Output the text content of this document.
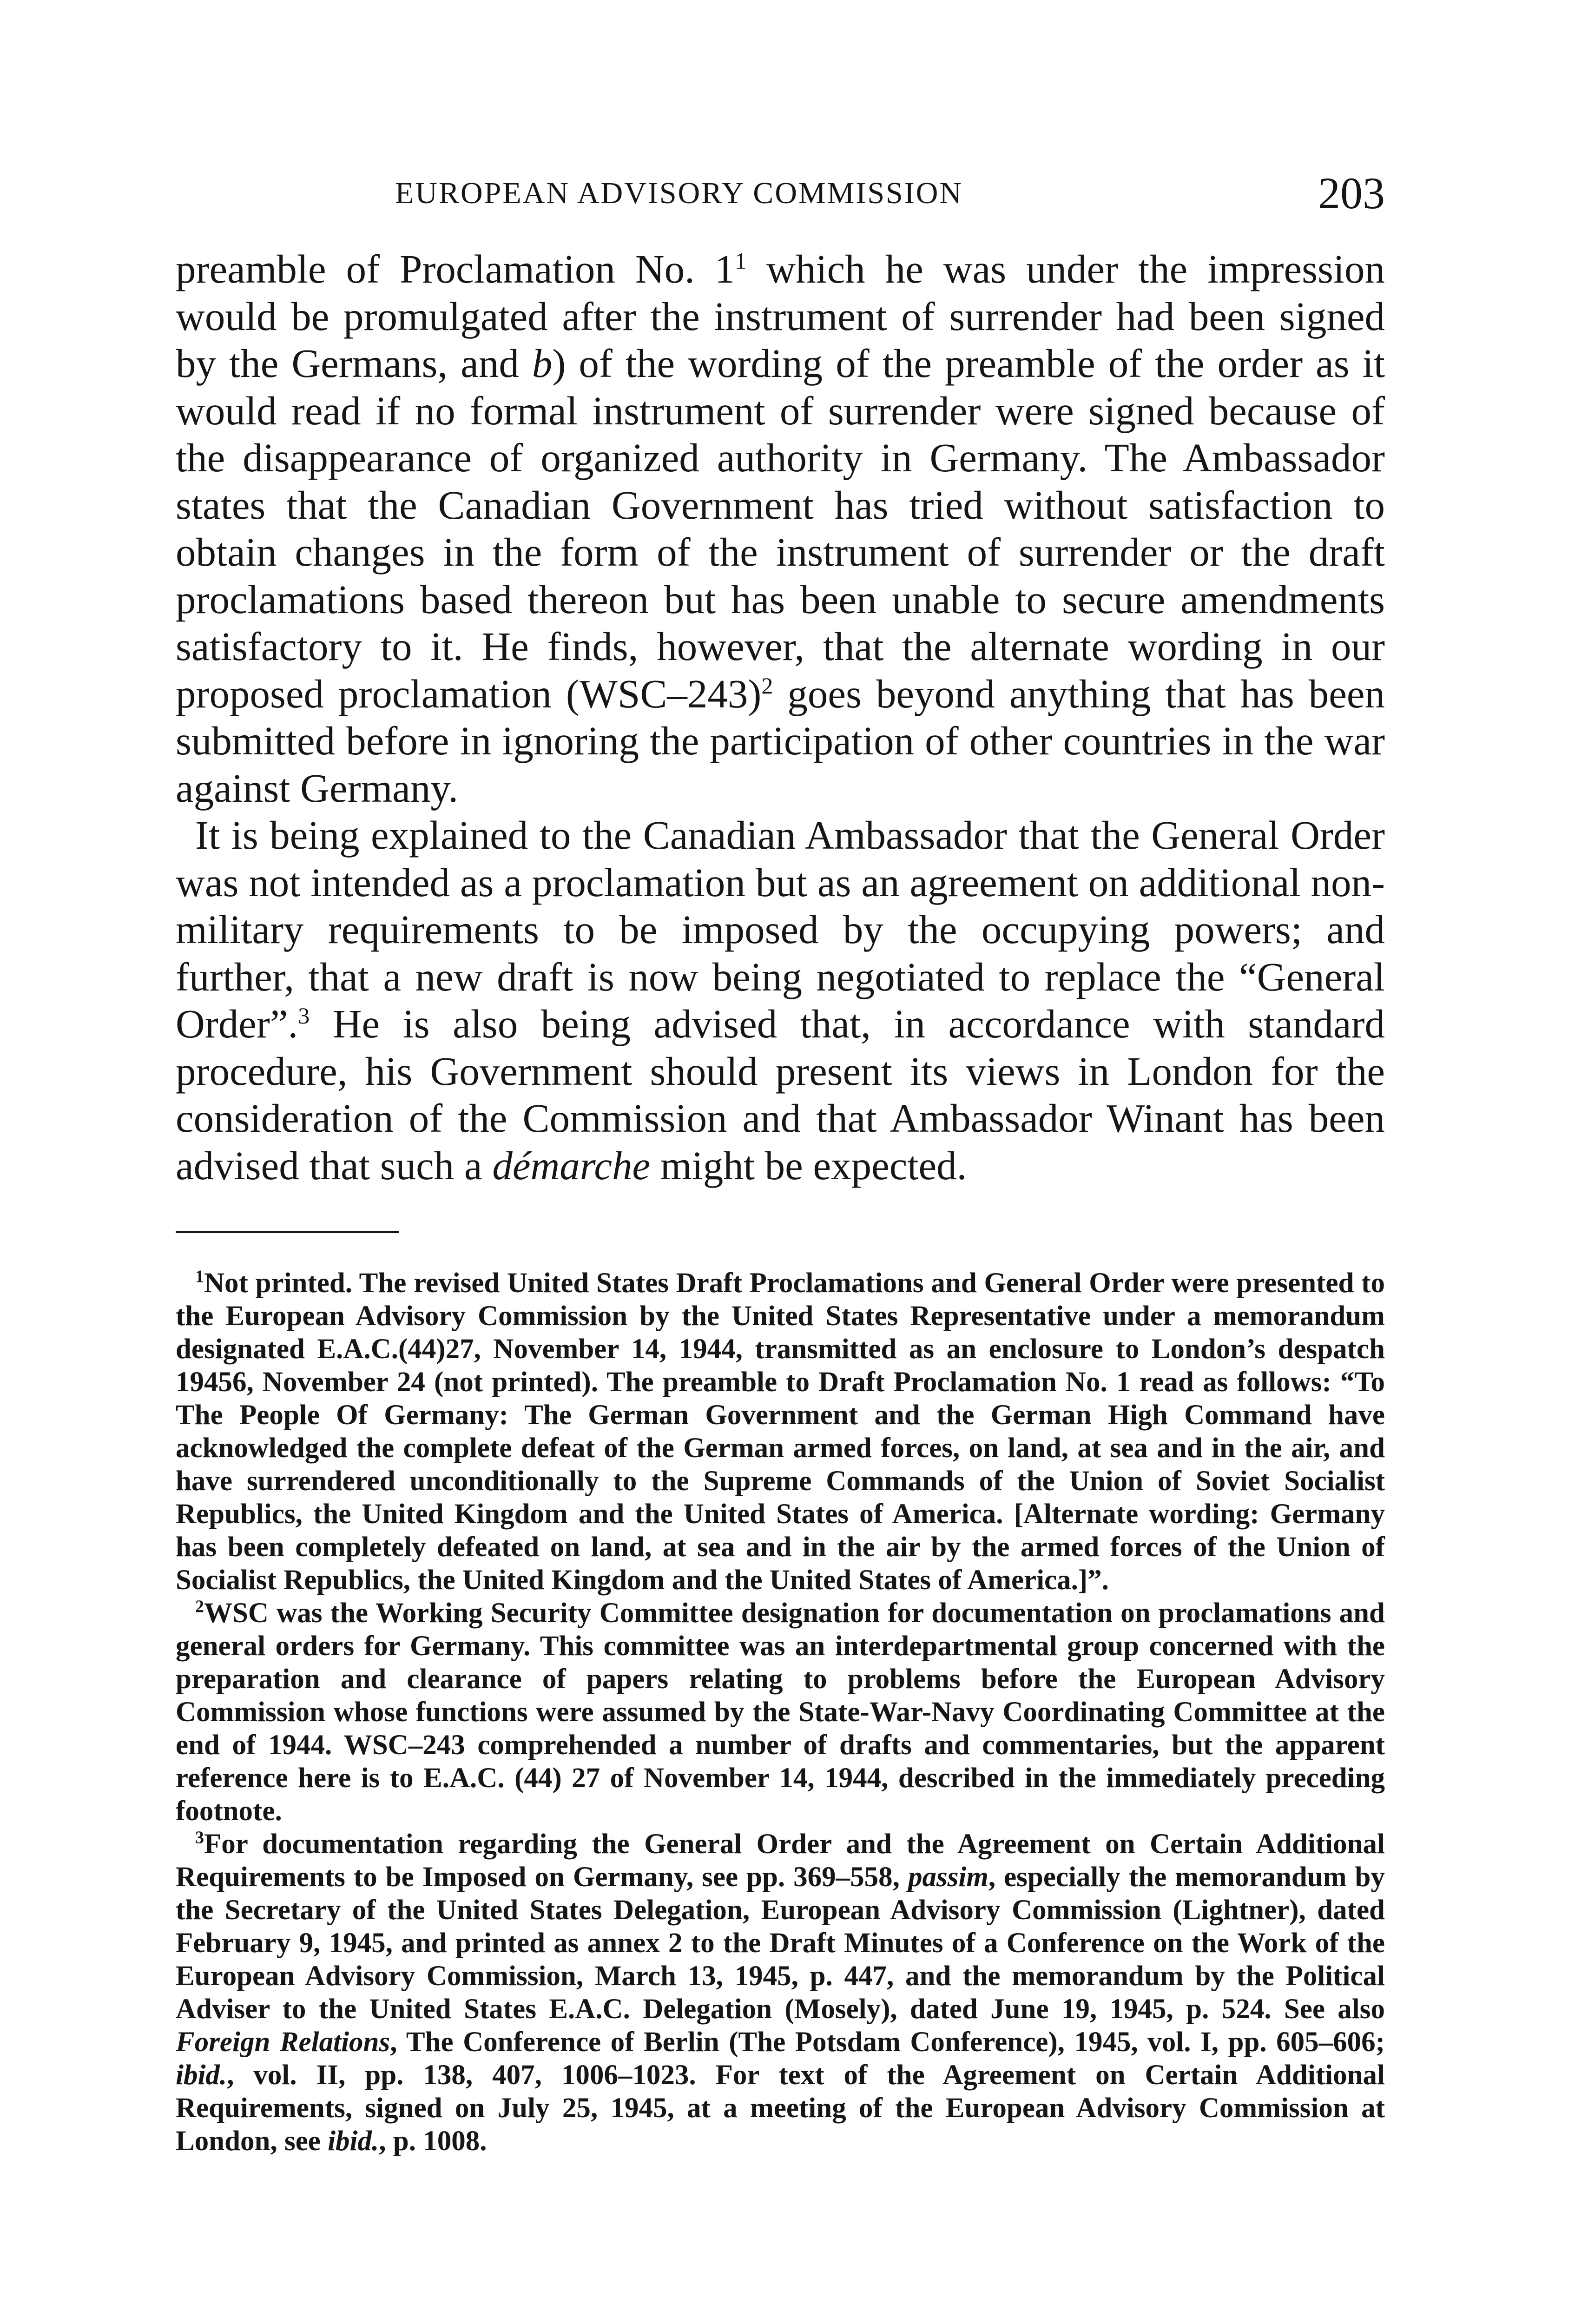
EUROPEAN ADVISORY COMMISSION	203

preamble of Proclamation No. $1^1$ which he was under the impression would be promulgated after the instrument of surrender had been signed by the Germans, and b) of the wording of the preamble of the order as it would read if no formal instrument of surrender were signed because of the disappearance of organized authority in Germany. The Ambassador states that the Canadian Government has tried without satisfaction to obtain changes in the form of the instrument of surrender or the draft proclamations based thereon but has been unable to secure amendments satisfactory to it. He finds, however, that the alternate wording in our proposed proclamation $(WSC-243)^2$ goes beyond anything that has been submitted before in ignoring the participation of other countries in the war against Germany.

It is being explained to the Canadian Ambassador that the General Order was not intended as a proclamation but as an agreement on additional non-military requirements to be imposed by the occupying powers; and further, that a new draft is now being negotiated to replace the “General Order”.$^3$ He is also being advised that, in accordance with standard procedure, his Government should present its views in London for the consideration of the Commission and that Ambassador Winant has been advised that such a démarche might be expected.

$^1$Not printed. The revised United States Draft Proclamations and General Order were presented to the European Advisory Commission by the United States Representative under a memorandum designated E.A.C.(44)27, November 14, 1944, transmitted as an enclosure to London’s despatch 19456, November 24 (not printed). The preamble to Draft Proclamation No. 1 read as follows: “To The People Of Germany: The German Government and the German High Command have acknowledged the complete defeat of the German armed forces, on land, at sea and in the air, and have surrendered unconditionally to the Supreme Commands of the Union of Soviet Socialist Republics, the United Kingdom and the United States of America. [Alternate wording: Germany has been completely defeated on land, at sea and in the air by the armed forces of the Union of Socialist Republics, the United Kingdom and the United States of America.]”.

$^2$WSC was the Working Security Committee designation for documentation on proclamations and general orders for Germany. This committee was an interdepartmental group concerned with the preparation and clearance of papers relating to problems before the European Advisory Commission whose functions were assumed by the State-War-Navy Coordinating Committee at the end of 1944. WSC–243 comprehended a number of drafts and commentaries, but the apparent reference here is to E.A.C. (44) 27 of November 14, 1944, described in the immediately preceding footnote.

$^3$For documentation regarding the General Order and the Agreement on Certain Additional Requirements to be Imposed on Germany, see pp. 369–558, passim, especially the memorandum by the Secretary of the United States Delegation, European Advisory Commission (Lightner), dated February 9, 1945, and printed as annex 2 to the Draft Minutes of a Conference on the Work of the European Advisory Commission, March 13, 1945, p. 447, and the memorandum by the Political Adviser to the United States E.A.C. Delegation (Mosely), dated June 19, 1945, p. 524. See also Foreign Relations, The Conference of Berlin (The Potsdam Conference), 1945, vol. I, pp. 605–606; ibid., vol. II, pp. 138, 407, 1006–1023. For text of the Agreement on Certain Additional Requirements, signed on July 25, 1945, at a meeting of the European Advisory Commission at London, see ibid., p. 1008.
